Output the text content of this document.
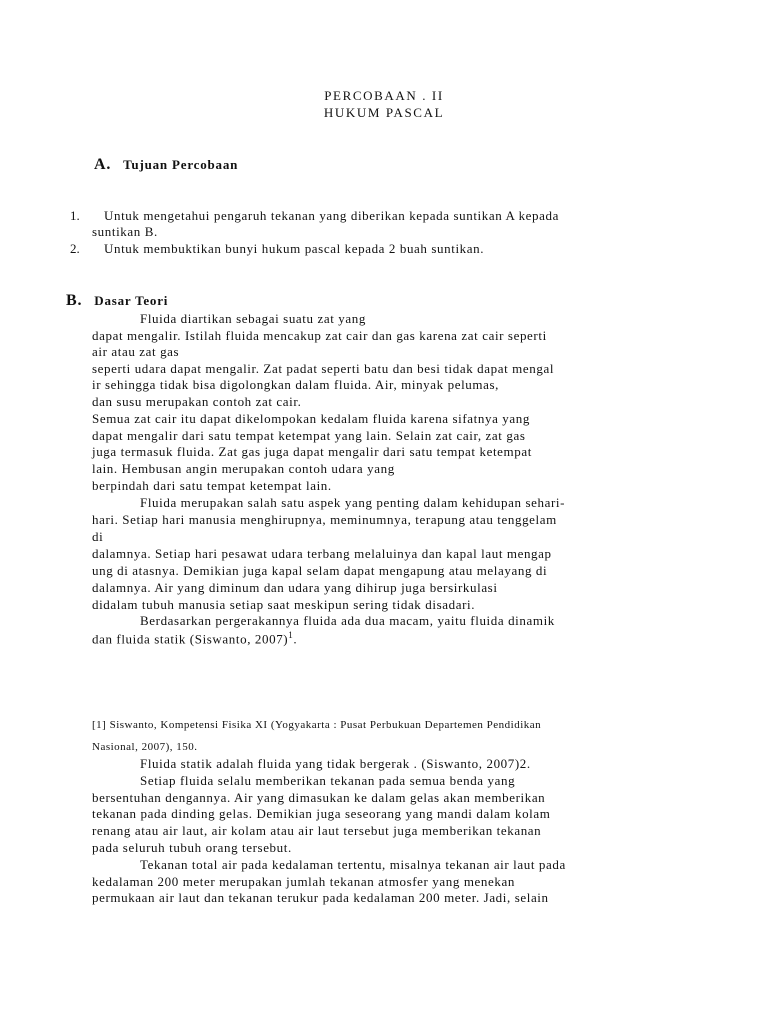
PERCOBAAN . II
HUKUM PASCAL
A. Tujuan Percobaan
1. Untuk mengetahui pengaruh tekanan yang diberikan kepada suntikan A kepada
suntikan B.
2. Untuk membuktikan bunyi hukum pascal kepada 2 buah suntikan.
B. Dasar Teori
Fluida diartikan sebagai suatu zat yang
dapat mengalir. Istilah fluida mencakup zat cair dan gas karena zat cair seperti
air atau zat gas
seperti udara dapat mengalir. Zat padat seperti batu dan besi tidak dapat mengal
ir sehingga tidak bisa digolongkan dalam fluida. Air, minyak pelumas,
dan susu merupakan contoh zat cair.
Semua zat cair itu dapat dikelompokan kedalam fluida karena sifatnya yang
dapat mengalir dari satu tempat ketempat yang lain. Selain zat cair, zat gas
juga termasuk fluida. Zat gas juga dapat mengalir dari satu tempat ketempat
lain. Hembusan angin merupakan contoh udara yang
berpindah dari satu tempat ketempat lain.
Fluida merupakan salah satu aspek yang penting dalam kehidupan sehari-
hari. Setiap hari manusia menghirupnya, meminumnya, terapung atau tenggelam
di
dalamnya. Setiap hari pesawat udara terbang melaluinya dan kapal laut mengap
ung di atasnya. Demikian juga kapal selam dapat mengapung atau melayang di
dalamnya. Air yang diminum dan udara yang dihirup juga bersirkulasi
didalam tubuh manusia setiap saat meskipun sering tidak disadari.
Berdasarkan pergerakannya fluida ada dua macam, yaitu fluida dinamik
dan fluida statik (Siswanto, 2007)$^1$.
[1] Siswanto, Kompetensi Fisika XI (Yogyakarta : Pusat Perbukuan Departemen Pendidikan
Nasional, 2007), 150.
Fluida statik adalah fluida yang tidak bergerak . (Siswanto, 2007)2.
Setiap fluida selalu memberikan tekanan pada semua benda yang
bersentuhan dengannya. Air yang dimasukan ke dalam gelas akan memberikan
tekanan pada dinding gelas. Demikian juga seseorang yang mandi dalam kolam
renang atau air laut, air kolam atau air laut tersebut juga memberikan tekanan
pada seluruh tubuh orang tersebut.
Tekanan total air pada kedalaman tertentu, misalnya tekanan air laut pada
kedalaman 200 meter merupakan jumlah tekanan atmosfer yang menekan
permukaan air laut dan tekanan terukur pada kedalaman 200 meter. Jadi, selain
